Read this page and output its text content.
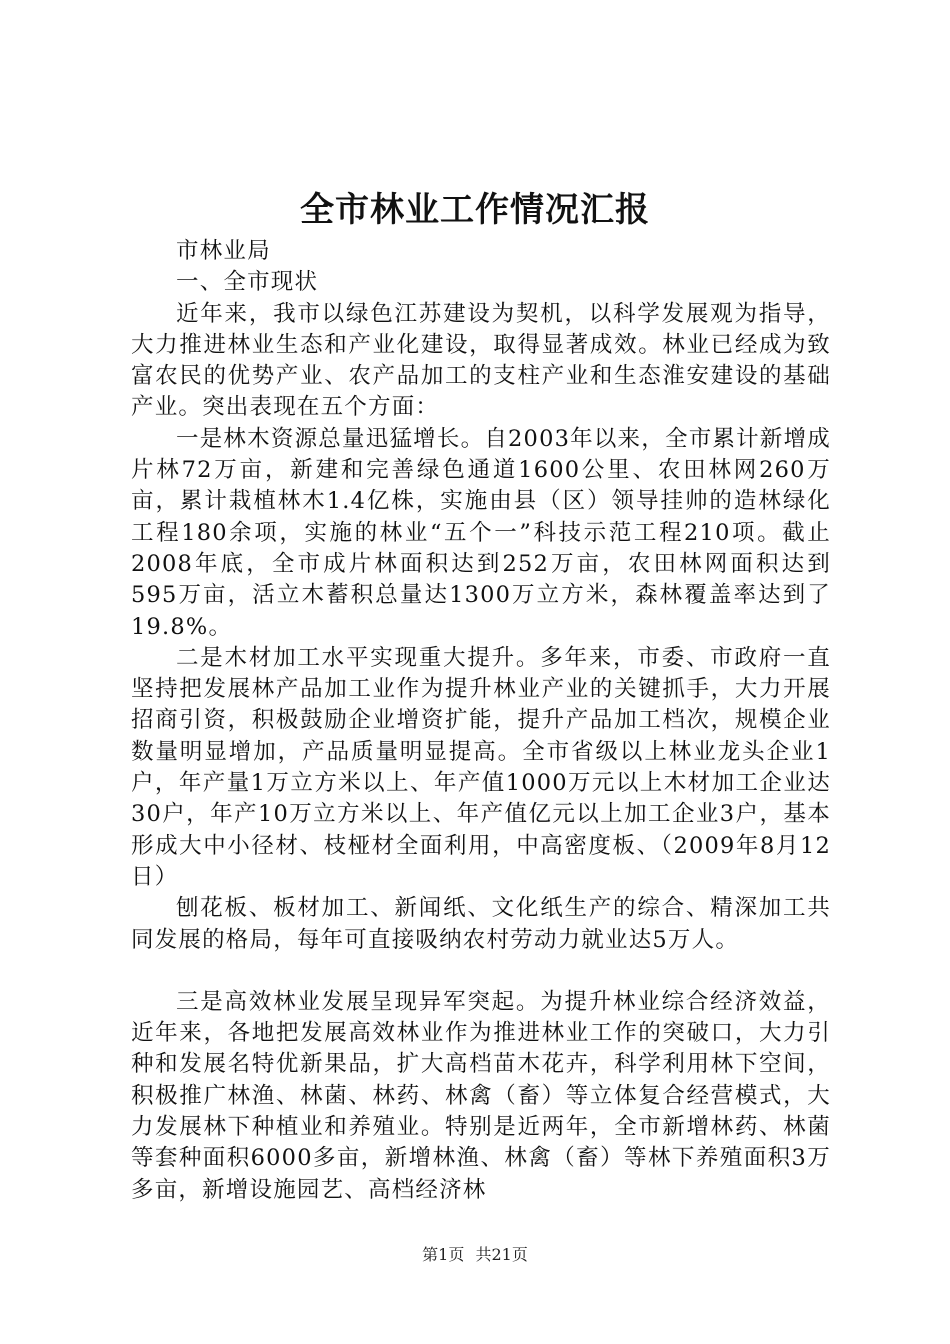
全市林业工作情况汇报

市林业局

一、全市现状

近年来，我市以绿色江苏建设为契机，以科学发展观为指导，大力推进林业生态和产业化建设，取得显著成效。林业已经成为致富农民的优势产业、农产品加工的支柱产业和生态淮安建设的基础产业。突出表现在五个方面：

一是林木资源总量迅猛增长。自2003年以来，全市累计新增成片林72万亩，新建和完善绿色通道1600公里、农田林网260万亩，累计栽植林木1.4亿株，实施由县（区）领导挂帅的造林绿化工程180余项，实施的林业“五个一”科技示范工程210项。截止2008年底，全市成片林面积达到252万亩，农田林网面积达到595万亩，活立木蓄积总量达1300万立方米，森林覆盖率达到了19.8%。

二是木材加工水平实现重大提升。多年来，市委、市政府一直坚持把发展林产品加工业作为提升林业产业的关键抓手，大力开展招商引资，积极鼓励企业增资扩能，提升产品加工档次，规模企业数量明显增加，产品质量明显提高。全市省级以上林业龙头企业1户，年产量1万立方米以上、年产值1000万元以上木材加工企业达30户，年产10万立方米以上、年产值亿元以上加工企业3户，基本形成大中小径材、枝桠材全面利用，中高密度板、（2009年8月12日）

刨花板、板材加工、新闻纸、文化纸生产的综合、精深加工共同发展的格局，每年可直接吸纳农村劳动力就业达5万人。

三是高效林业发展呈现异军突起。为提升林业综合经济效益，近年来，各地把发展高效林业作为推进林业工作的突破口，大力引种和发展名特优新果品，扩大高档苗木花卉，科学利用林下空间，积极推广林渔、林菌、林药、林禽（畜）等立体复合经营模式，大力发展林下种植业和养殖业。特别是近两年，全市新增林药、林菌等套种面积6000多亩，新增林渔、林禽（畜）等林下养殖面积3万多亩，新增设施园艺、高档经济林

第1页 共21页
